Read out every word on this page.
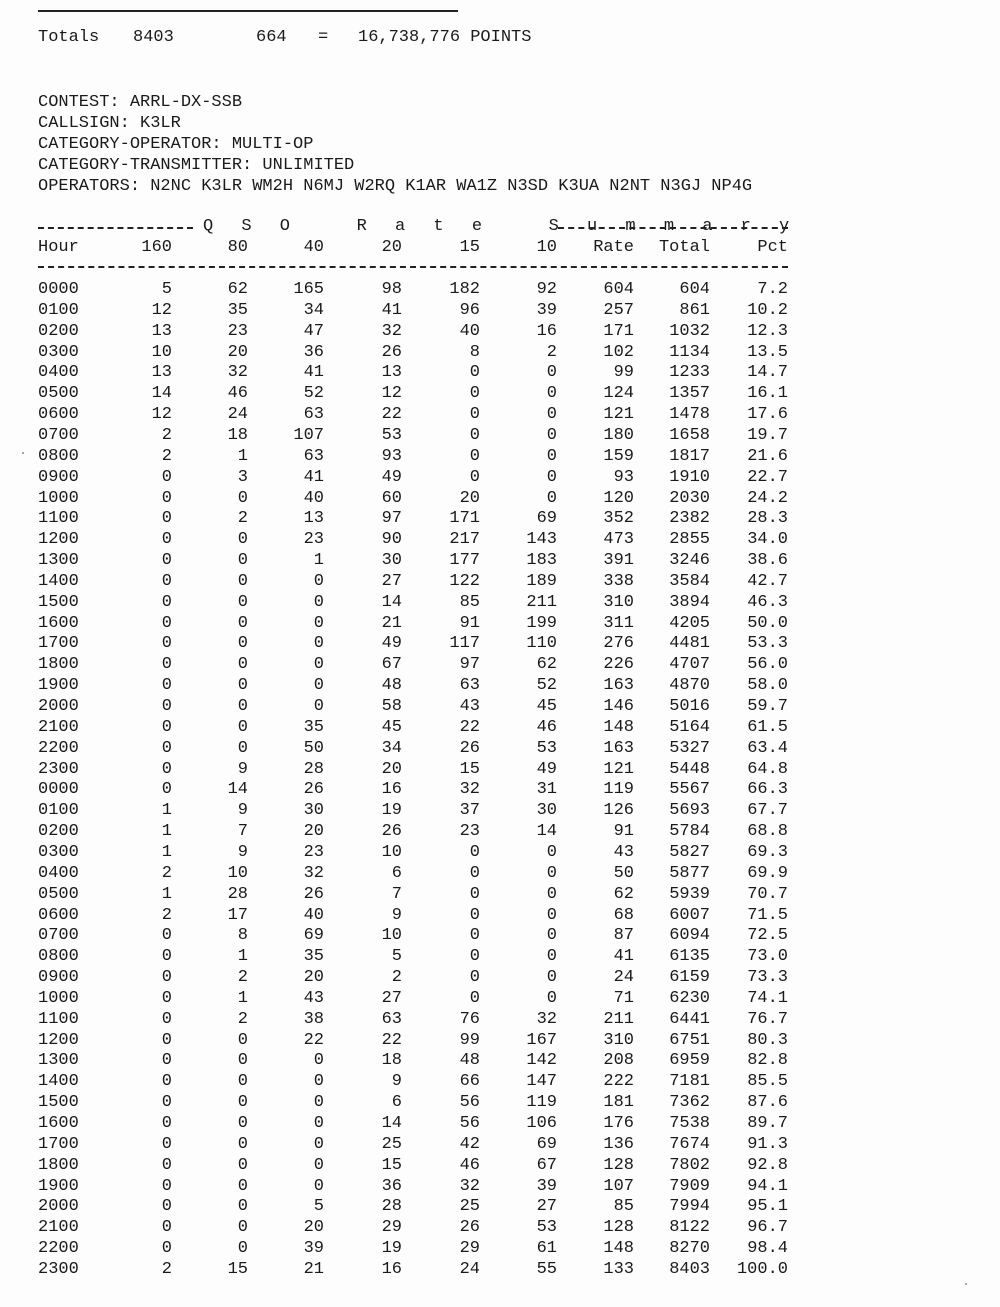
Totals 8403	664 = 16,738,776 POINTS
CONTEST: ARRL-DX-SSB
CALLSIGN: K3LR
CATEGORY-OPERATOR: MULTI-OP
CATEGORY-TRANSMITTER: UNLIMITED
OPERATORS: N2NC K3LR WM2H N6MJ W2RQ K1AR WA1Z N3SD K3UA N2NT N3GJ NP4G
Q S O   R a t e   S u m m a r y
Hour	160	80	40	20	15	10	Rate	Total	Pct
0000	5	62	165	98	182	92	604	604	7.2
0100	12	35	34	41	96	39	257	861	10.2
0200	13	23	47	32	40	16	171	1032	12.3
0300	10	20	36	26	8	2	102	1134	13.5
0400	13	32	41	13	0	0	99	1233	14.7
0500	14	46	52	12	0	0	124	1357	16.1
0600	12	24	63	22	0	0	121	1478	17.6
0700	2	18	107	53	0	0	180	1658	19.7
0800	2	1	63	93	0	0	159	1817	21.6
0900	0	3	41	49	0	0	93	1910	22.7
1000	0	0	40	60	20	0	120	2030	24.2
1100	0	2	13	97	171	69	352	2382	28.3
1200	0	0	23	90	217	143	473	2855	34.0
1300	0	0	1	30	177	183	391	3246	38.6
1400	0	0	0	27	122	189	338	3584	42.7
1500	0	0	0	14	85	211	310	3894	46.3
1600	0	0	0	21	91	199	311	4205	50.0
1700	0	0	0	49	117	110	276	4481	53.3
1800	0	0	0	67	97	62	226	4707	56.0
1900	0	0	0	48	63	52	163	4870	58.0
2000	0	0	0	58	43	45	146	5016	59.7
2100	0	0	35	45	22	46	148	5164	61.5
2200	0	0	50	34	26	53	163	5327	63.4
2300	0	9	28	20	15	49	121	5448	64.8
0000	0	14	26	16	32	31	119	5567	66.3
0100	1	9	30	19	37	30	126	5693	67.7
0200	1	7	20	26	23	14	91	5784	68.8
0300	1	9	23	10	0	0	43	5827	69.3
0400	2	10	32	6	0	0	50	5877	69.9
0500	1	28	26	7	0	0	62	5939	70.7
0600	2	17	40	9	0	0	68	6007	71.5
0700	0	8	69	10	0	0	87	6094	72.5
0800	0	1	35	5	0	0	41	6135	73.0
0900	0	2	20	2	0	0	24	6159	73.3
1000	0	1	43	27	0	0	71	6230	74.1
1100	0	2	38	63	76	32	211	6441	76.7
1200	0	0	22	22	99	167	310	6751	80.3
1300	0	0	0	18	48	142	208	6959	82.8
1400	0	0	0	9	66	147	222	7181	85.5
1500	0	0	0	6	56	119	181	7362	87.6
1600	0	0	0	14	56	106	176	7538	89.7
1700	0	0	0	25	42	69	136	7674	91.3
1800	0	0	0	15	46	67	128	7802	92.8
1900	0	0	0	36	32	39	107	7909	94.1
2000	0	0	5	28	25	27	85	7994	95.1
2100	0	0	20	29	26	53	128	8122	96.7
2200	0	0	39	19	29	61	148	8270	98.4
2300	2	15	21	16	24	55	133	8403	100.0
